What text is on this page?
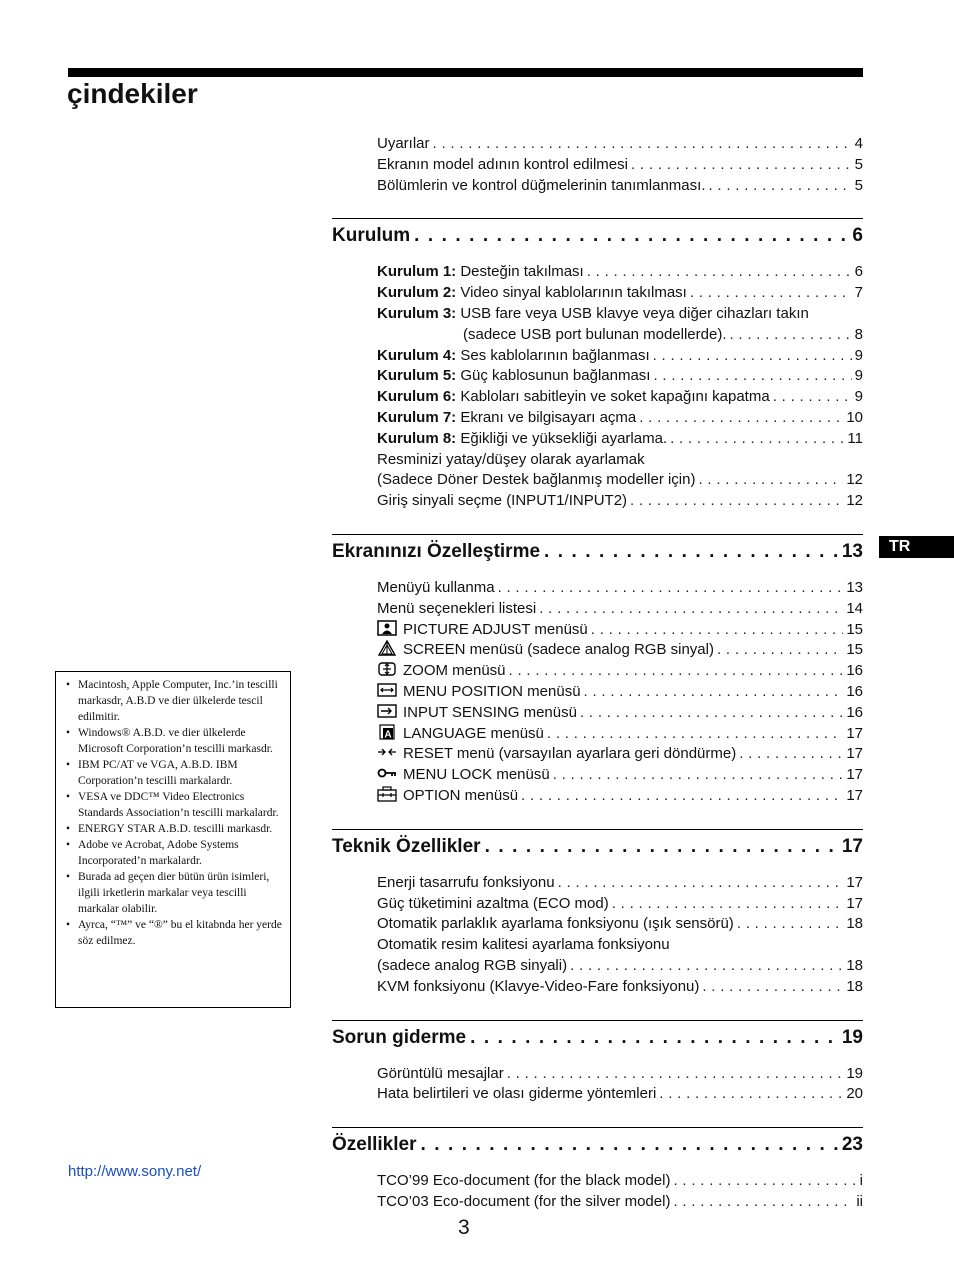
çindekiler
Uyarılar . . .	4
Ekranın model adının kontrol edilmesi . . .	5
Bölümlerin ve kontrol düğmelerinin tanımlanması. . . .	5
Kurulum . . .	6
Kurulum 1: Desteğin takılması . . .	6
Kurulum 2: Video sinyal kablolarının takılması . . .	7
Kurulum 3: USB fare veya USB klavye veya diğer cihazları takın
(sadece USB port bulunan modellerde). . . .	8
Kurulum 4: Ses kablolarının bağlanması . . .	9
Kurulum 5: Güç kablosunun bağlanması . . .	9
Kurulum 6: Kabloları sabitleyin ve soket kapağını kapatma . . .	9
Kurulum 7: Ekranı ve bilgisayarı açma . . .	10
Kurulum 8: Eğikliği ve yüksekliği ayarlama. . . .	11
Resminizi yatay/düşey olarak ayarlamak
(Sadece Döner Destek bağlanmış modeller için) . . .	12
Giriş sinyali seçme (INPUT1/INPUT2) . . .	12
Ekranınızı Özelleştirme . . .	13
Menüyü kullanma . . .	13
Menü seçenekleri listesi . . .	14
PICTURE ADJUST menüsü . . .	15
SCREEN menüsü (sadece analog RGB sinyal) . . .	15
ZOOM menüsü . . .	16
MENU POSITION menüsü . . .	16
INPUT SENSING menüsü . . .	16
A LANGUAGE menüsü . . .	17
RESET menü (varsayılan ayarlara geri döndürme) . . .	17
MENU LOCK menüsü . . .	17
OPTION menüsü . . .	17
Teknik Özellikler . . .	17
Enerji tasarrufu fonksiyonu . . .	17
Güç tüketimini azaltma (ECO mod) . . .	17
Otomatik parlaklık ayarlama fonksiyonu (ışık sensörü) . . .	18
Otomatik resim kalitesi ayarlama fonksiyonu
(sadece analog RGB sinyali) . . .	18
KVM fonksiyonu (Klavye-Video-Fare fonksiyonu) . . .	18
Sorun giderme . . .	19
Görüntülü mesajlar . . .	19
Hata belirtileri ve olası giderme yöntemleri . . .	20
Özellikler . . .	23
TCO’99 Eco-document (for the black model) . . .	i
TCO’03 Eco-document (for the silver model) . . .	ii
TR
• Macintosh, Apple Computer, Inc.’in tescilli markasdr, A.B.D ve dier ülkelerde tescil edilmitir.
• Windows® A.B.D. ve dier ülkelerde Microsoft Corporation’n tescilli markasdr.
• IBM PC/AT ve VGA, A.B.D. IBM Corporation’n tescilli markalardr.
• VESA ve DDC™ Video Electronics Standards Association’n tescilli markalardr.
• ENERGY STAR A.B.D. tescilli markasdr.
• Adobe ve Acrobat, Adobe Systems Incorporated’n markalardr.
• Burada ad geçen dier bütün ürün isimleri, ilgili irketlerin markalar veya tescilli markalar olabilir.
• Ayrca, “™” ve “®” bu el kitabnda her yerde söz edilmez.
http://www.sony.net/
3
